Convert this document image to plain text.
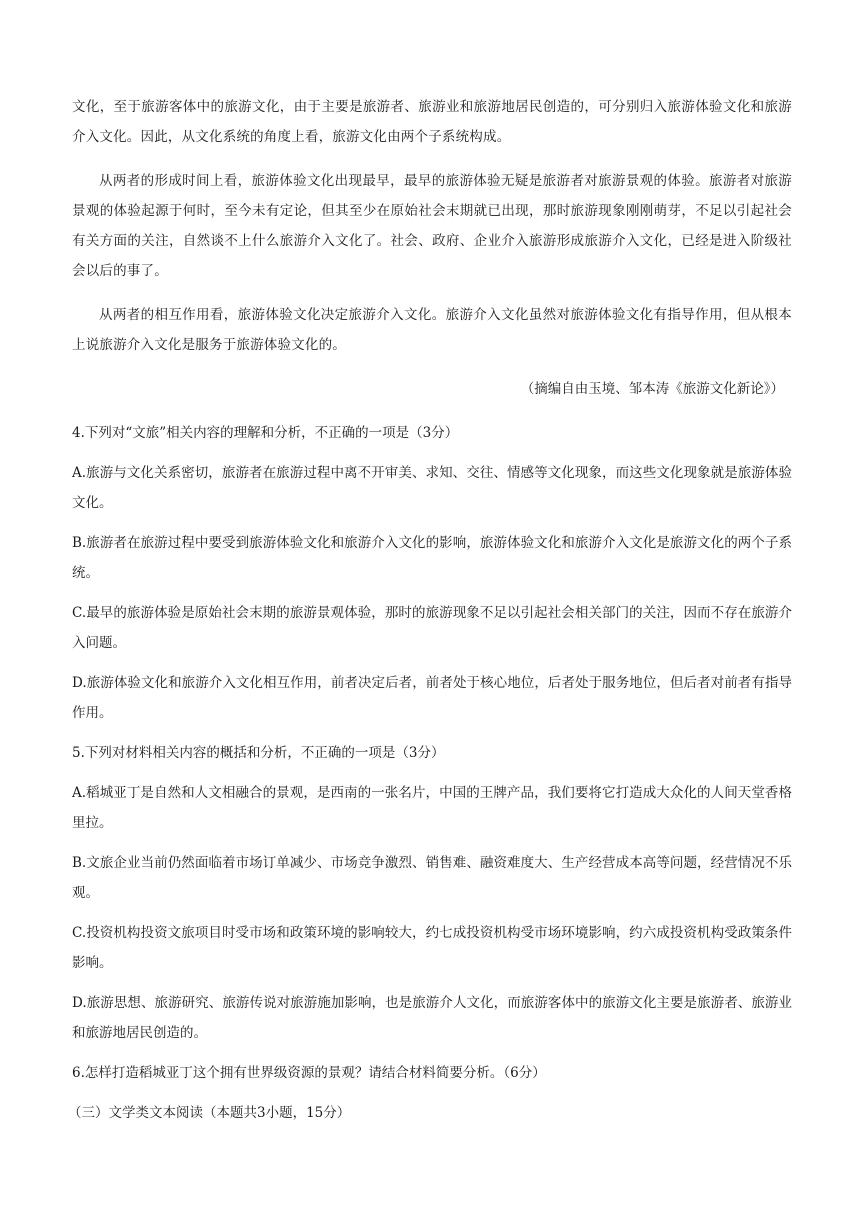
文化，至于旅游客体中的旅游文化，由于主要是旅游者、旅游业和旅游地居民创造的，可分别归入旅游体验文化和旅游介入文化。因此，从文化系统的角度上看，旅游文化由两个子系统构成。

从两者的形成时间上看，旅游体验文化出现最早，最早的旅游体验无疑是旅游者对旅游景观的体验。旅游者对旅游景观的体验起源于何时，至今未有定论，但其至少在原始社会末期就已出现，那时旅游现象刚刚萌芽，不足以引起社会有关方面的关注，自然谈不上什么旅游介入文化了。社会、政府、企业介入旅游形成旅游介入文化，已经是进入阶级社会以后的事了。

从两者的相互作用看，旅游体验文化决定旅游介入文化。旅游介入文化虽然对旅游体验文化有指导作用，但从根本上说旅游介入文化是服务于旅游体验文化的。

（摘编自由玉境、邹本涛《旅游文化新论》）

4.下列对“文旅”相关内容的理解和分析，不正确的一项是（3分）

A.旅游与文化关系密切，旅游者在旅游过程中离不开审美、求知、交往、情感等文化现象，而这些文化现象就是旅游体验文化。

B.旅游者在旅游过程中要受到旅游体验文化和旅游介入文化的影响，旅游体验文化和旅游介入文化是旅游文化的两个子系统。

C.最早的旅游体验是原始社会末期的旅游景观体验，那时的旅游现象不足以引起社会相关部门的关注，因而不存在旅游介入问题。

D.旅游体验文化和旅游介入文化相互作用，前者决定后者，前者处于核心地位，后者处于服务地位，但后者对前者有指导作用。

5.下列对材料相关内容的概括和分析，不正确的一项是（3分）

A.稻城亚丁是自然和人文相融合的景观，是西南的一张名片，中国的王牌产品，我们要将它打造成大众化的人间天堂香格里拉。

B.文旅企业当前仍然面临着市场订单减少、市场竞争激烈、销售难、融资难度大、生产经营成本高等问题，经营情况不乐观。

C.投资机构投资文旅项目时受市场和政策环境的影响较大，约七成投资机构受市场环境影响，约六成投资机构受政策条件影响。

D.旅游思想、旅游研究、旅游传说对旅游施加影响，也是旅游介人文化，而旅游客体中的旅游文化主要是旅游者、旅游业和旅游地居民创造的。

6.怎样打造稻城亚丁这个拥有世界级资源的景观？请结合材料简要分析。（6分）

（三）文学类文本阅读（本题共3小题，15分）
